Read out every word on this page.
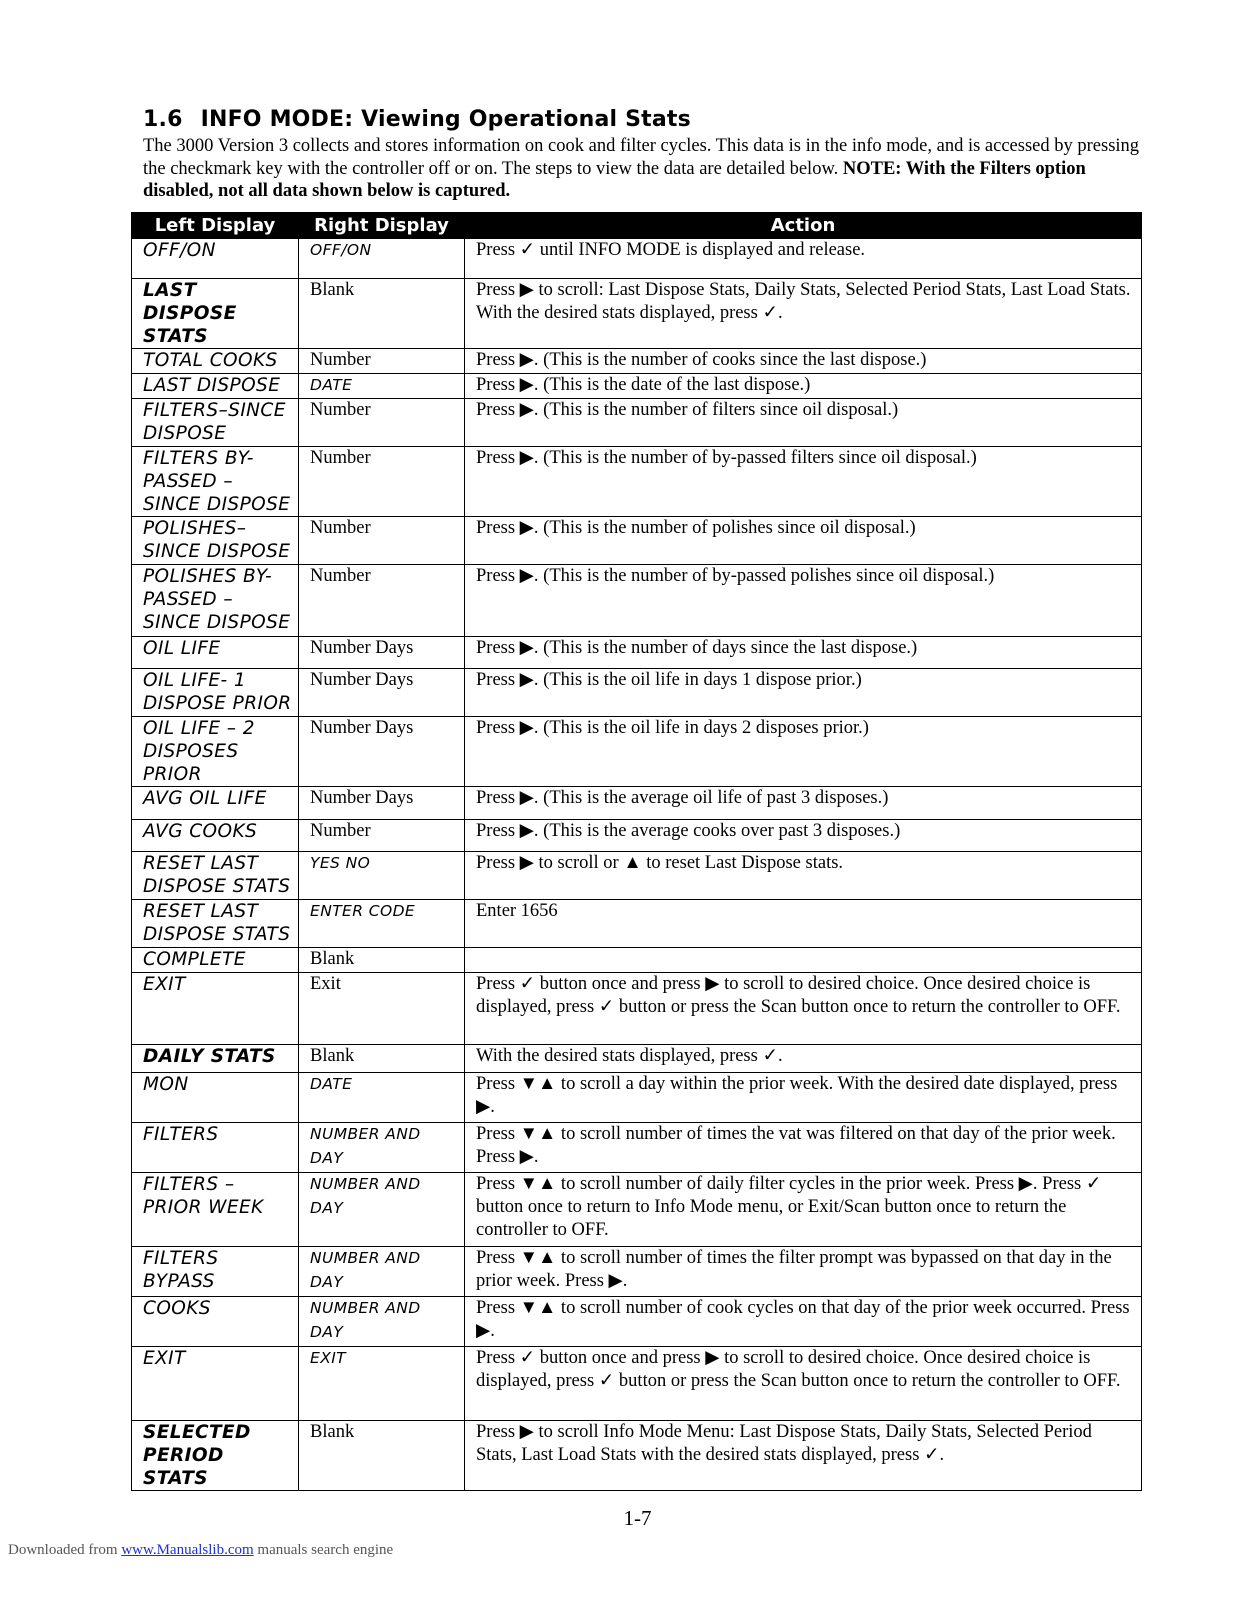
1.6 INFO MODE: Viewing Operational Stats
The 3000 Version 3 collects and stores information on cook and filter cycles. This data is in the info mode, and is accessed by pressing the checkmark key with the controller off or on. The steps to view the data are detailed below. NOTE: With the Filters option disabled, not all data shown below is captured.
Left Display	Right Display	Action
OFF/ON	OFF/ON	Press ✓ until INFO MODE is displayed and release.
LAST DISPOSE STATS	Blank	Press ▶ to scroll: Last Dispose Stats, Daily Stats, Selected Period Stats, Last Load Stats. With the desired stats displayed, press ✓.
TOTAL COOKS	Number	Press ▶. (This is the number of cooks since the last dispose.)
LAST DISPOSE	DATE	Press ▶. (This is the date of the last dispose.)
FILTERS–SINCE DISPOSE	Number	Press ▶. (This is the number of filters since oil disposal.)
FILTERS BY-PASSED – SINCE DISPOSE	Number	Press ▶. (This is the number of by-passed filters since oil disposal.)
POLISHES–SINCE DISPOSE	Number	Press ▶. (This is the number of polishes since oil disposal.)
POLISHES BY-PASSED – SINCE DISPOSE	Number	Press ▶. (This is the number of by-passed polishes since oil disposal.)
OIL LIFE	Number Days	Press ▶. (This is the number of days since the last dispose.)
OIL LIFE- 1 DISPOSE PRIOR	Number Days	Press ▶. (This is the oil life in days 1 dispose prior.)
OIL LIFE – 2 DISPOSES PRIOR	Number Days	Press ▶. (This is the oil life in days 2 disposes prior.)
AVG OIL LIFE	Number Days	Press ▶. (This is the average oil life of past 3 disposes.)
AVG COOKS	Number	Press ▶. (This is the average cooks over past 3 disposes.)
RESET LAST DISPOSE STATS	YES NO	Press ▶ to scroll or ▲ to reset Last Dispose stats.
RESET LAST DISPOSE STATS	ENTER CODE	Enter 1656
COMPLETE	Blank	
EXIT	Exit	Press ✓ button once and press ▶ to scroll to desired choice. Once desired choice is displayed, press ✓ button or press the Scan button once to return the controller to OFF.
DAILY STATS	Blank	With the desired stats displayed, press ✓.
MON	DATE	Press ▼▲ to scroll a day within the prior week. With the desired date displayed, press ▶.
FILTERS	NUMBER AND DAY	Press ▼▲ to scroll number of times the vat was filtered on that day of the prior week. Press ▶.
FILTERS – PRIOR WEEK	NUMBER AND DAY	Press ▼▲ to scroll number of daily filter cycles in the prior week. Press ▶. Press ✓ button once to return to Info Mode menu, or Exit/Scan button once to return the controller to OFF.
FILTERS BYPASS	NUMBER AND DAY	Press ▼▲ to scroll number of times the filter prompt was bypassed on that day in the prior week. Press ▶.
COOKS	NUMBER AND DAY	Press ▼▲ to scroll number of cook cycles on that day of the prior week occurred. Press ▶.
EXIT	EXIT	Press ✓ button once and press ▶ to scroll to desired choice. Once desired choice is displayed, press ✓ button or press the Scan button once to return the controller to OFF.
SELECTED PERIOD STATS	Blank	Press ▶ to scroll Info Mode Menu: Last Dispose Stats, Daily Stats, Selected Period Stats, Last Load Stats with the desired stats displayed, press ✓.
1-7
Downloaded from www.Manualslib.com manuals search engine
